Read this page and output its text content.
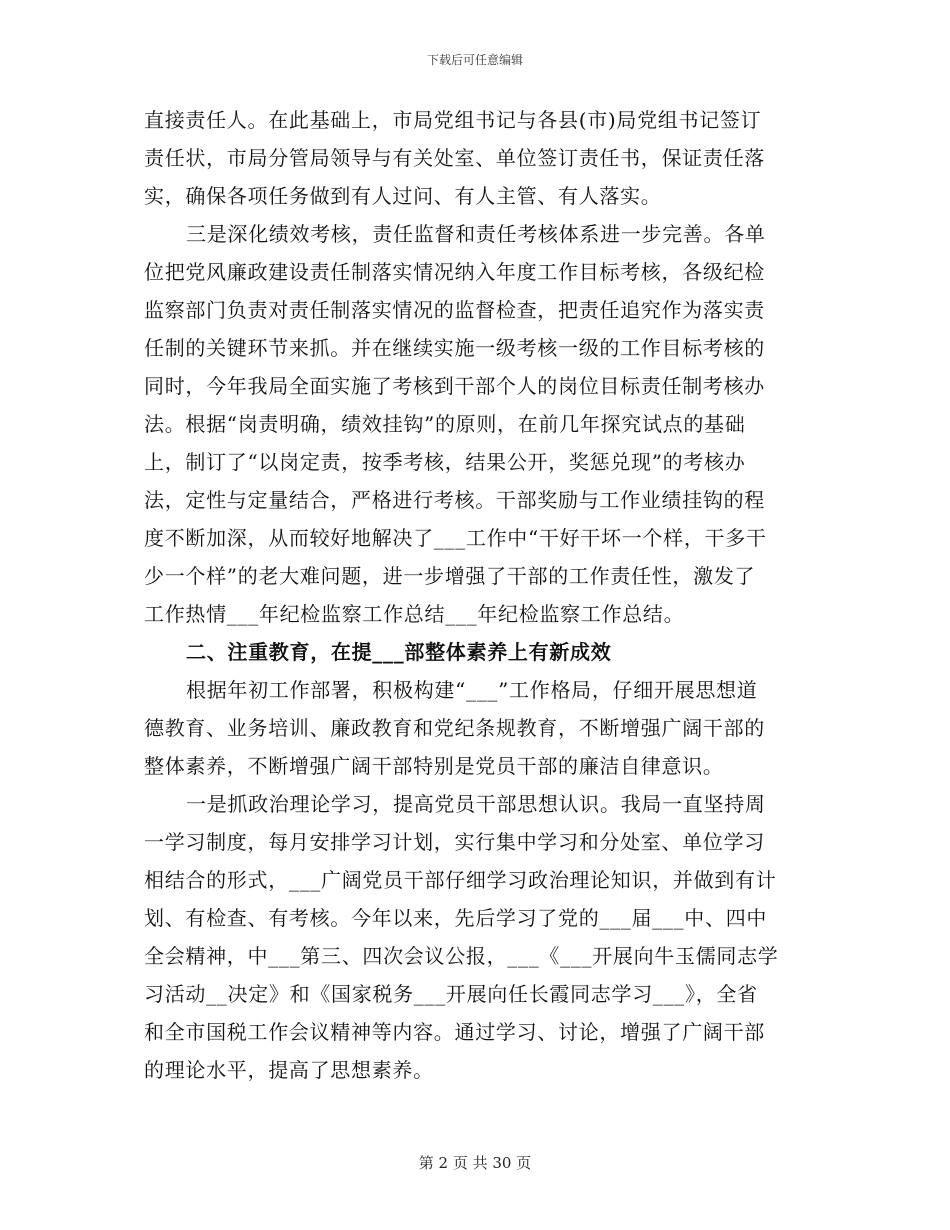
下载后可任意编辑
直接责任人。在此基础上，市局党组书记与各县(市)局党组书记签订
责任状，市局分管局领导与有关处室、单位签订责任书，保证责任落
实，确保各项任务做到有人过问、有人主管、有人落实。
三是深化绩效考核，责任监督和责任考核体系进一步完善。各单
位把党风廉政建设责任制落实情况纳入年度工作目标考核，各级纪检
监察部门负责对责任制落实情况的监督检查，把责任追究作为落实责
任制的关键环节来抓。并在继续实施一级考核一级的工作目标考核的
同时，今年我局全面实施了考核到干部个人的岗位目标责任制考核办
法。根据“岗责明确，绩效挂钩”的原则，在前几年探究试点的基础
上，制订了“以岗定责，按季考核，结果公开，奖惩兑现”的考核办
法，定性与定量结合，严格进行考核。干部奖励与工作业绩挂钩的程
度不断加深，从而较好地解决了___工作中“干好干坏一个样，干多干
少一个样”的老大难问题，进一步增强了干部的工作责任性，激发了
工作热情___年纪检监察工作总结___年纪检监察工作总结。
二、注重教育，在提___部整体素养上有新成效
根据年初工作部署，积极构建“___”工作格局，仔细开展思想道
德教育、业务培训、廉政教育和党纪条规教育，不断增强广阔干部的
整体素养，不断增强广阔干部特别是党员干部的廉洁自律意识。
一是抓政治理论学习，提高党员干部思想认识。我局一直坚持周
一学习制度，每月安排学习计划，实行集中学习和分处室、单位学习
相结合的形式，___广阔党员干部仔细学习政治理论知识，并做到有计
划、有检查、有考核。今年以来，先后学习了党的___届___中、四中
全会精神，中___第三、四次会议公报，___《___开展向牛玉儒同志学
习活动__决定》和《国家税务___开展向任长霞同志学习___》，全省
和全市国税工作会议精神等内容。通过学习、讨论，增强了广阔干部
的理论水平，提高了思想素养。
第 2 页 共 30 页
